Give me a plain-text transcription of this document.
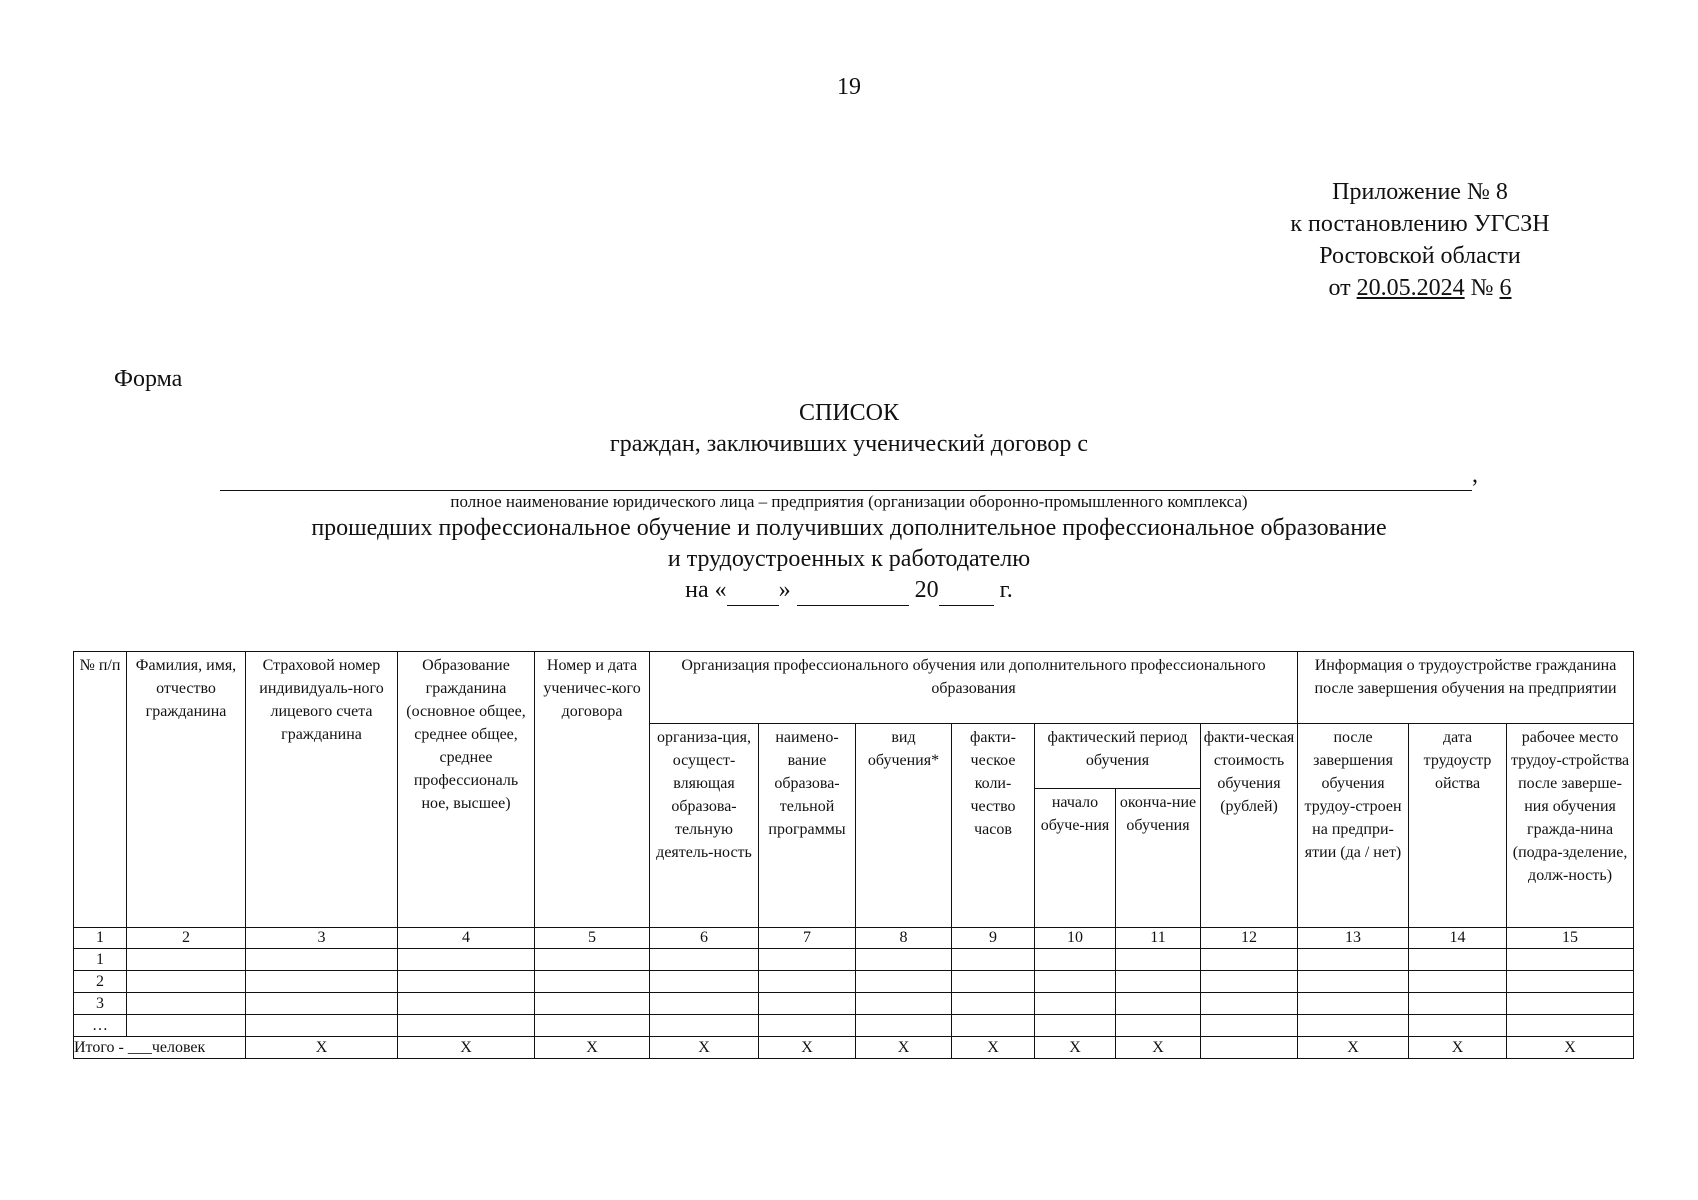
19
Приложение № 8
к постановлению УГСЗН
Ростовской области
от 20.05.2024 № 6
Форма
СПИСОК
граждан, заключивших ученический договор с
,
полное наименование юридического лица – предприятия (организации оборонно-промышленного комплекса)
прошедших профессиональное обучение и получивших дополнительное профессиональное образование
и трудоустроенных к работодателю
на « »	20	г.
№ п/п	Фамилия, имя, отчество гражданина	Страховой номер индивидуаль-ного лицевого счета гражданина	Образование гражданина (основное общее, среднее общее, среднее профессиональ ное, высшее)	Номер и дата ученичес-кого договора	Организация профессионального обучения или дополнительного профессионального образования							Информация о трудоустройстве гражданина после завершения обучения на предприятии		
					организа-ция, осущест-вляющая образова-тельную деятель-ность	наимено-вание образова-тельной программы	вид обучения*	факти-ческое коли-чество часов	фактический период обучения		факти-ческая стоимость обучения (рублей)	после завершения обучения трудоу-строен на предпри-ятии (да / нет)	дата трудоустр ойства	рабочее место трудоу-стройства после заверше-ния обучения гражда-нина (подра-зделение, долж-ность)
									начало обуче-ния	оконча-ние обучения				
1	2	3	4	5	6	7	8	9	10	11	12	13	14	15
1														
2														
3														
…														
Итого - ___человек		Х	Х	Х	Х	Х	Х	Х	Х	Х		Х	Х	Х
